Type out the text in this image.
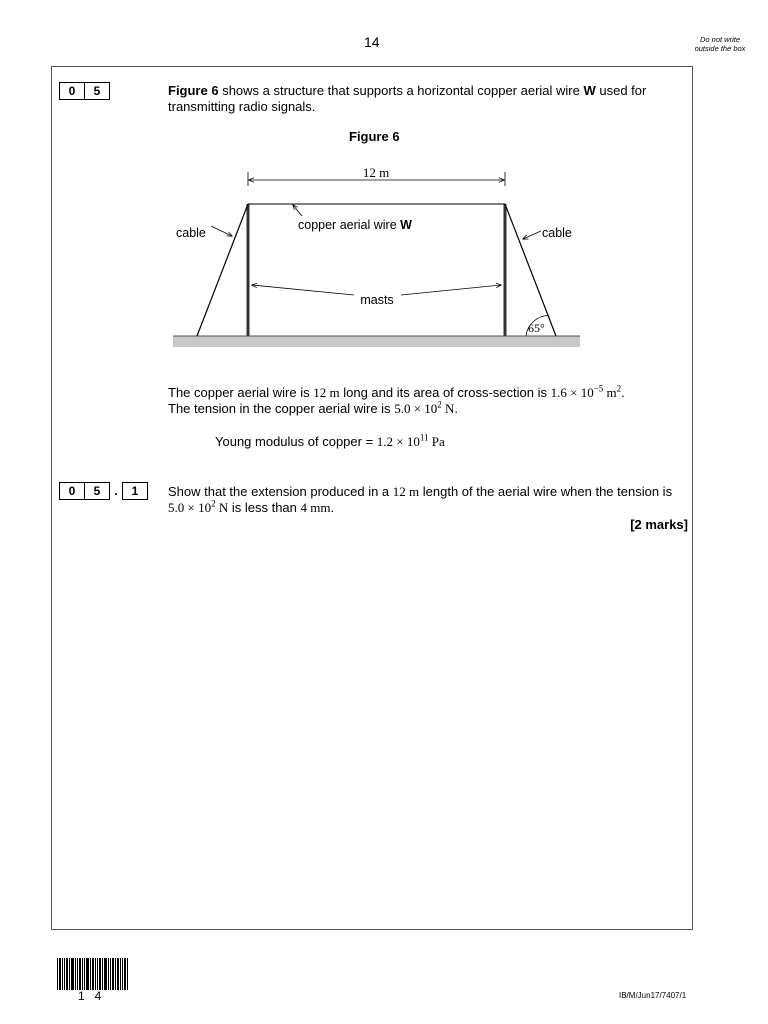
14	Do not write outside the box
0	5	Figure 6 shows a structure that supports a horizontal copper aerial wire W used for transmitting radio signals.
Figure 6
12 m
copper aerial wire W
cable	cable
masts
65°
The copper aerial wire is 12 m long and its area of cross-section is $1.6 \times 10^{-5}$ $m^2$.
The tension in the copper aerial wire is $5.0 \times 10^2$ N.
Young modulus of copper = $1.2 \times 10^{11}$ Pa
0	5	.	1	Show that the extension produced in a 12 m length of the aerial wire when the tension is $5.0 \times 10^2$ N is less than 4 mm.
[2 marks]
14	IB/M/Jun17/7407/1
